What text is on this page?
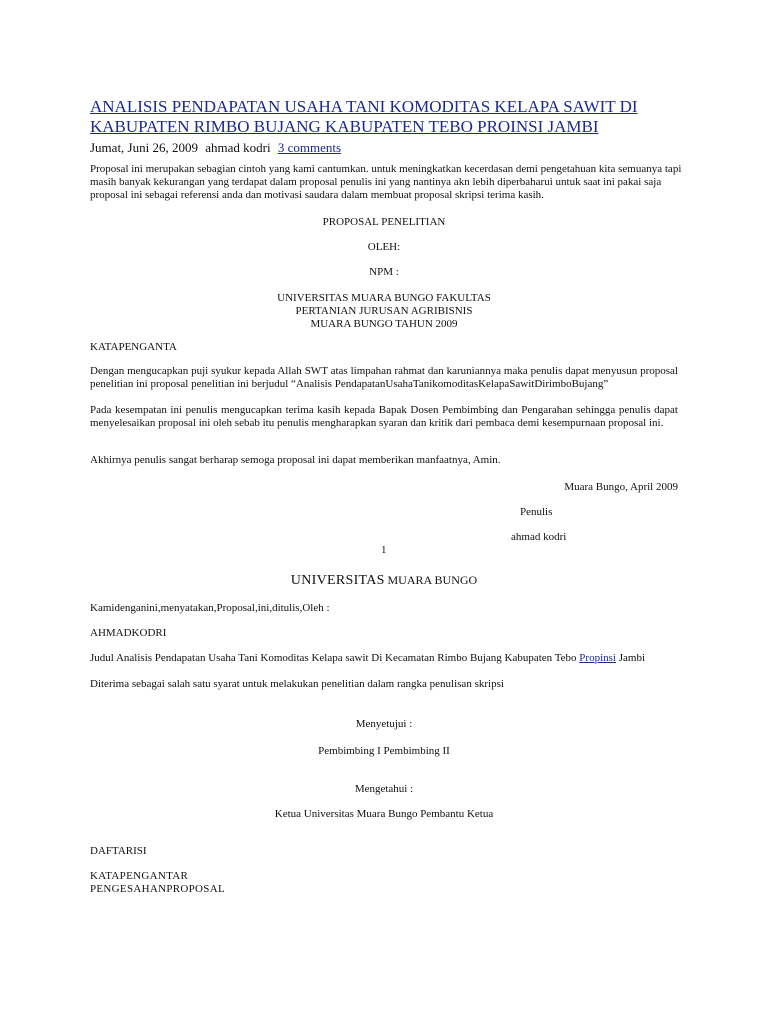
ANALISIS PENDAPATAN USAHA TANI KOMODITAS KELAPA SAWIT DI KABUPATEN RIMBO BUJANG KABUPATEN TEBO PROINSI JAMBI
Jumat, Juni 26, 2009 ahmad kodri 3 comments
Proposal ini merupakan sebagian cintoh yang kami cantumkan. untuk meningkatkan kecerdasan demi pengetahuan kita semuanya tapi masih banyak kekurangan yang terdapat dalam proposal penulis ini yang nantinya akn lebih diperbaharui untuk saat ini pakai saja proposal ini sebagai referensi anda dan motivasi saudara dalam membuat proposal skripsi terima kasih.
PROPOSAL PENELITIAN
OLEH:
NPM :
UNIVERSITAS MUARA BUNGO FAKULTAS
PERTANIAN JURUSAN AGRIBISNIS
MUARA BUNGO TAHUN 2009
KATAPENGANTA
Dengan mengucapkan puji syukur kepada Allah SWT atas limpahan rahmat dan karuniannya maka penulis dapat menyusun proposal penelitian ini proposal penelitian ini berjudul “Analisis PendapatanUsahaTanikomoditasKelapaSawitDirimboBujang”
Pada kesempatan ini penulis mengucapkan terima kasih kepada Bapak Dosen Pembimbing dan Pengarahan sehingga penulis dapat menyelesaikan proposal ini oleh sebab itu penulis mengharapkan syaran dan kritik dari pembaca demi kesempurnaan proposal ini.
Akhirnya penulis sangat berharap semoga proposal ini dapat memberikan manfaatnya, Amin.
Muara Bungo, April 2009
Penulis
ahmad kodri
1
UNIVERSITAS MUARA BUNGO
Kamidenganini,menyatakan,Proposal,ini,ditulis,Oleh :
AHMADKODRI
Judul Analisis Pendapatan Usaha Tani Komoditas Kelapa sawit Di Kecamatan Rimbo Bujang Kabupaten Tebo Propinsi Jambi
Diterima sebagai salah satu syarat untuk melakukan penelitian dalam rangka penulisan skripsi
Menyetujui :
Pembimbing I Pembimbing II
Mengetahui :
Ketua Universitas Muara Bungo Pembantu Ketua
DAFTARISI
KATAPENGANTAR
PENGESAHANPROPOSAL
